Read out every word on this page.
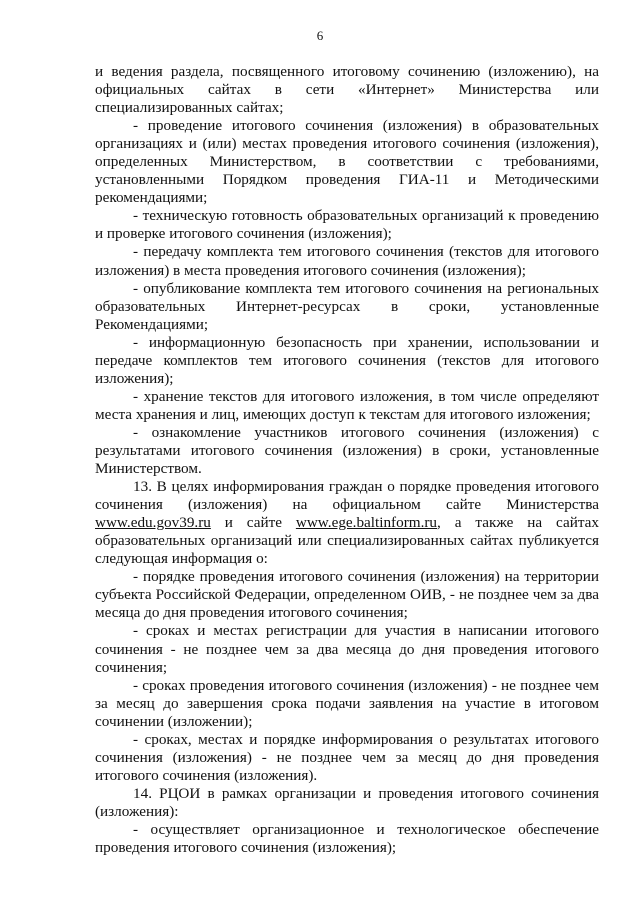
6

и ведения раздела, посвященного итоговому сочинению (изложению), на официальных сайтах в сети «Интернет» Министерства или специализированных сайтах;

- проведение итогового сочинения (изложения) в образовательных организациях и (или) местах проведения итогового сочинения (изложения), определенных Министерством, в соответствии с требованиями, установленными Порядком проведения ГИА-11 и Методическими рекомендациями;

- техническую готовность образовательных организаций к проведению и проверке итогового сочинения (изложения);

- передачу комплекта тем итогового сочинения (текстов для итогового изложения) в места проведения итогового сочинения (изложения);

- опубликование комплекта тем итогового сочинения на региональных образовательных Интернет-ресурсах в сроки, установленные Рекомендациями;

- информационную безопасность при хранении, использовании и передаче комплектов тем итогового сочинения (текстов для итогового изложения);

- хранение текстов для итогового изложения, в том числе определяют места хранения и лиц, имеющих доступ к текстам для итогового изложения;

- ознакомление участников итогового сочинения (изложения) с результатами итогового сочинения (изложения) в сроки, установленные Министерством.

13. В целях информирования граждан о порядке проведения итогового сочинения (изложения) на официальном сайте Министерства www.edu.gov39.ru и сайте www.ege.baltinform.ru, а также на сайтах образовательных организаций или специализированных сайтах публикуется следующая информация о:

- порядке проведения итогового сочинения (изложения) на территории субъекта Российской Федерации, определенном ОИВ, - не позднее чем за два месяца до дня проведения итогового сочинения;

- сроках и местах регистрации для участия в написании итогового сочинения - не позднее чем за два месяца до дня проведения итогового сочинения;

- сроках проведения итогового сочинения (изложения) - не позднее чем за месяц до завершения срока подачи заявления на участие в итоговом сочинении (изложении);

- сроках, местах и порядке информирования о результатах итогового сочинения (изложения) - не позднее чем за месяц до дня проведения итогового сочинения (изложения).

14. РЦОИ в рамках организации и проведения итогового сочинения (изложения):

- осуществляет организационное и технологическое обеспечение проведения итогового сочинения (изложения);
